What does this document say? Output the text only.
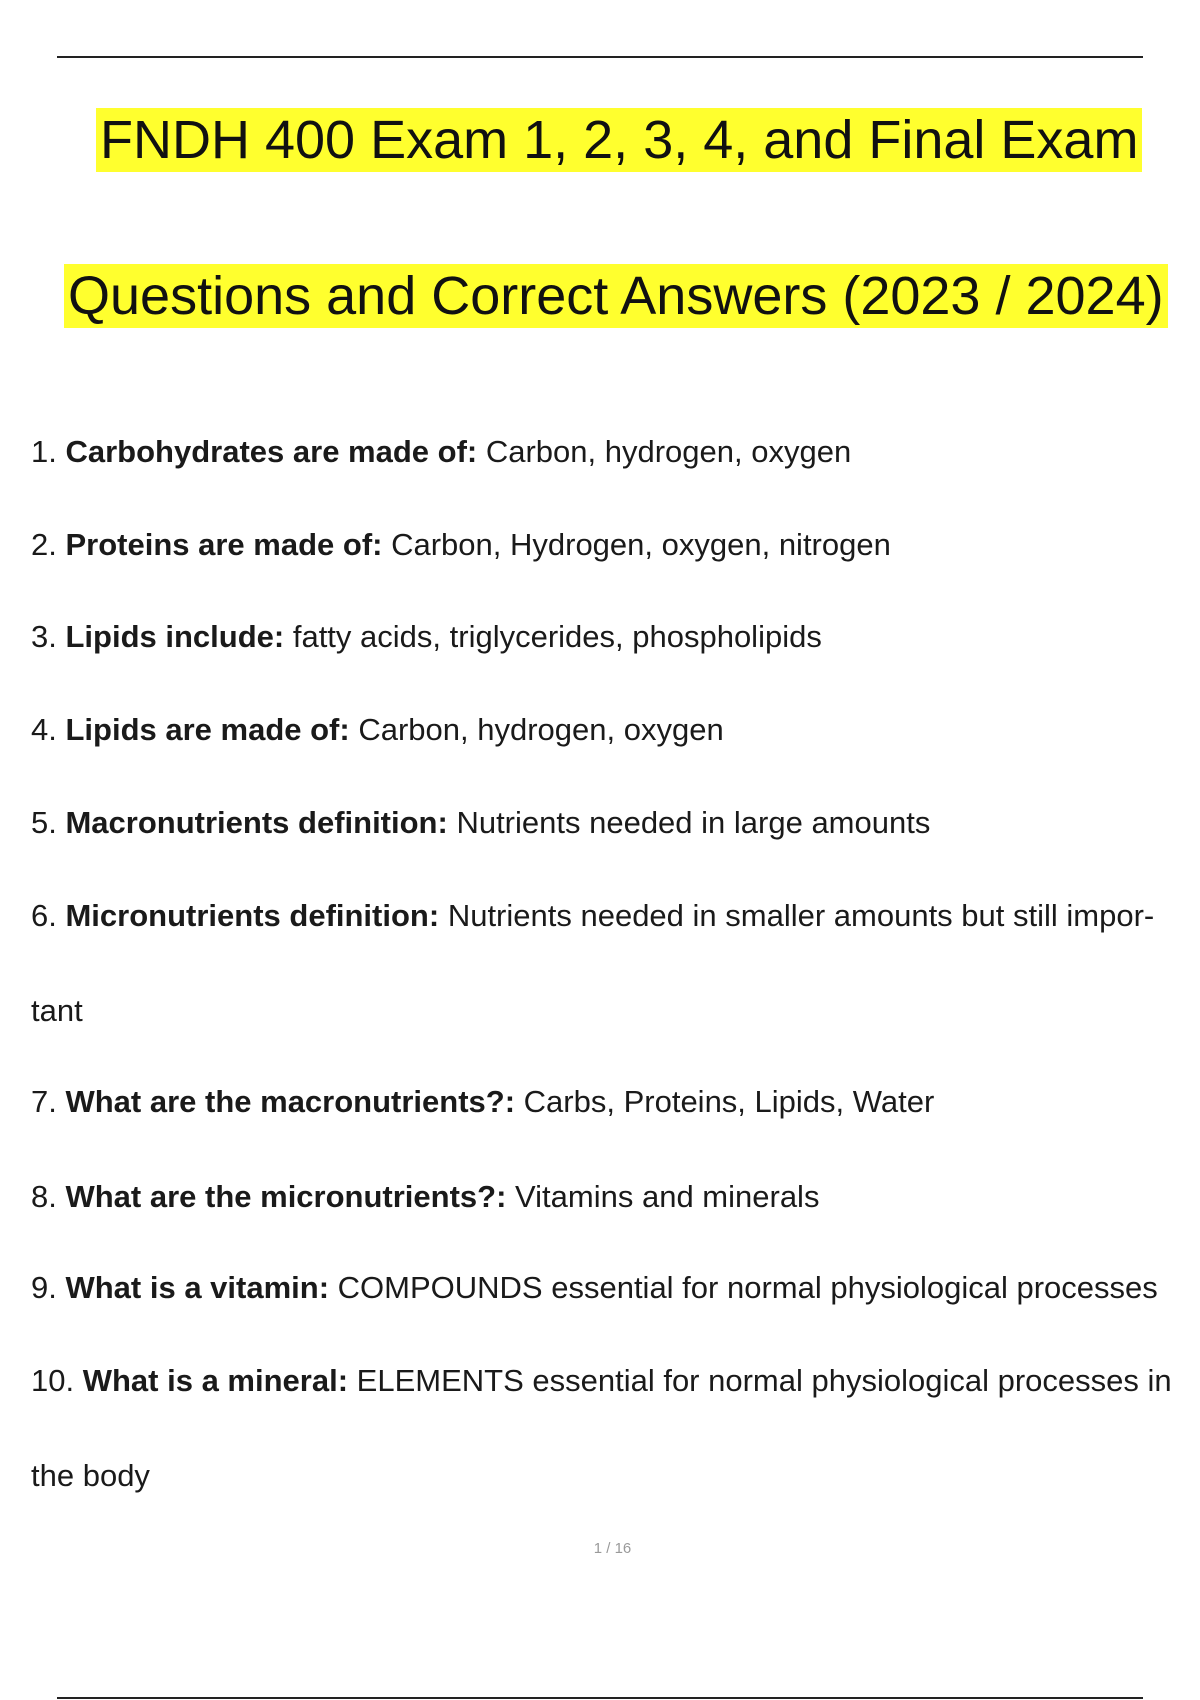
FNDH 400 Exam 1, 2, 3, 4, and Final Exam
Questions and Correct Answers (2023 / 2024)
1. Carbohydrates are made of: Carbon, hydrogen, oxygen
2. Proteins are made of: Carbon, Hydrogen, oxygen, nitrogen
3. Lipids include: fatty acids, triglycerides, phospholipids
4. Lipids are made of: Carbon, hydrogen, oxygen
5. Macronutrients definition: Nutrients needed in large amounts
6. Micronutrients definition: Nutrients needed in smaller amounts but still impor-
tant
7. What are the macronutrients?: Carbs, Proteins, Lipids, Water
8. What are the micronutrients?: Vitamins and minerals
9. What is a vitamin: COMPOUNDS essential for normal physiological processes
10. What is a mineral: ELEMENTS essential for normal physiological processes in
the body
1 / 16
